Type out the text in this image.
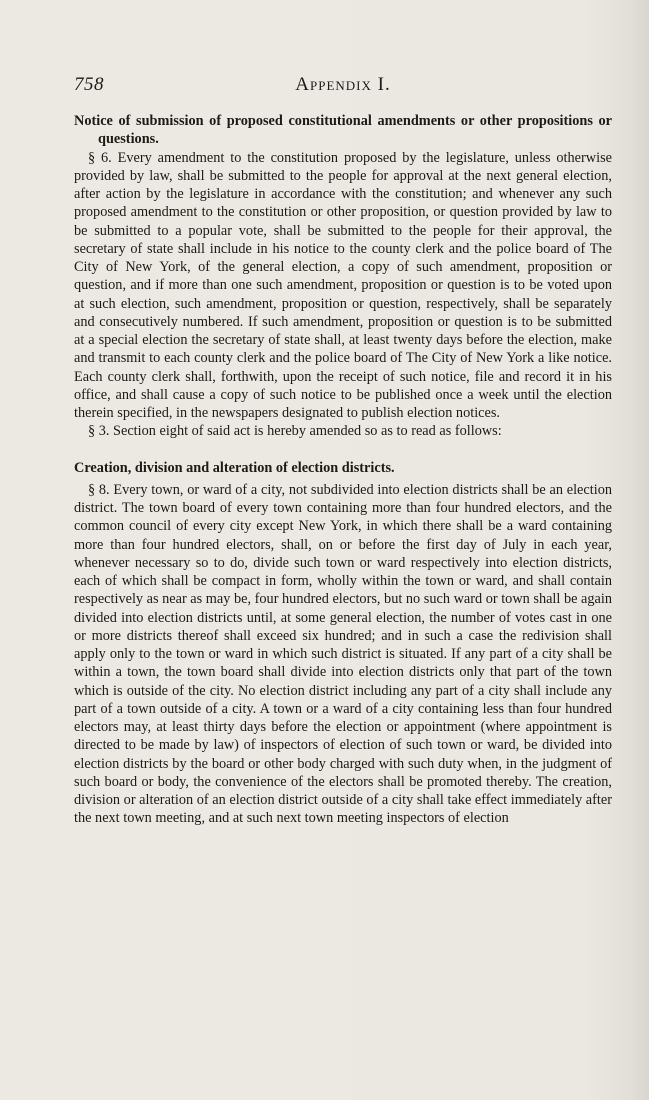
758	Appendix I.

Notice of submission of proposed constitutional amendments or other propositions or questions.

§ 6. Every amendment to the constitution proposed by the legislature, unless otherwise provided by law, shall be submitted to the people for approval at the next general election, after action by the legislature in accordance with the constitution; and whenever any such proposed amendment to the constitution or other proposition, or question provided by law to be submitted to a popular vote, shall be submitted to the people for their approval, the secretary of state shall include in his notice to the county clerk and the police board of The City of New York, of the general election, a copy of such amendment, proposition or question, and if more than one such amendment, proposition or question is to be voted upon at such election, such amendment, proposition or question, respectively, shall be separately and consecutively numbered. If such amendment, proposition or question is to be submitted at a special election the secretary of state shall, at least twenty days before the election, make and transmit to each county clerk and the police board of The City of New York a like notice. Each county clerk shall, forthwith, upon the receipt of such notice, file and record it in his office, and shall cause a copy of such notice to be published once a week until the election therein specified, in the newspapers designated to publish election notices.

§ 3. Section eight of said act is hereby amended so as to read as follows:

Creation, division and alteration of election districts.

§ 8. Every town, or ward of a city, not subdivided into election districts shall be an election district. The town board of every town containing more than four hundred electors, and the common council of every city except New York, in which there shall be a ward containing more than four hundred electors, shall, on or before the first day of July in each year, whenever necessary so to do, divide such town or ward respectively into election districts, each of which shall be compact in form, wholly within the town or ward, and shall contain respectively as near as may be, four hundred electors, but no such ward or town shall be again divided into election districts until, at some general election, the number of votes cast in one or more districts thereof shall exceed six hundred; and in such a case the redivision shall apply only to the town or ward in which such district is situated. If any part of a city shall be within a town, the town board shall divide into election districts only that part of the town which is outside of the city. No election district including any part of a city shall include any part of a town outside of a city. A town or a ward of a city containing less than four hundred electors may, at least thirty days before the election or appointment (where appointment is directed to be made by law) of inspectors of election of such town or ward, be divided into election districts by the board or other body charged with such duty when, in the judgment of such board or body, the convenience of the electors shall be promoted thereby. The creation, division or alteration of an election district outside of a city shall take effect immediately after the next town meeting, and at such next town meeting inspectors of election
